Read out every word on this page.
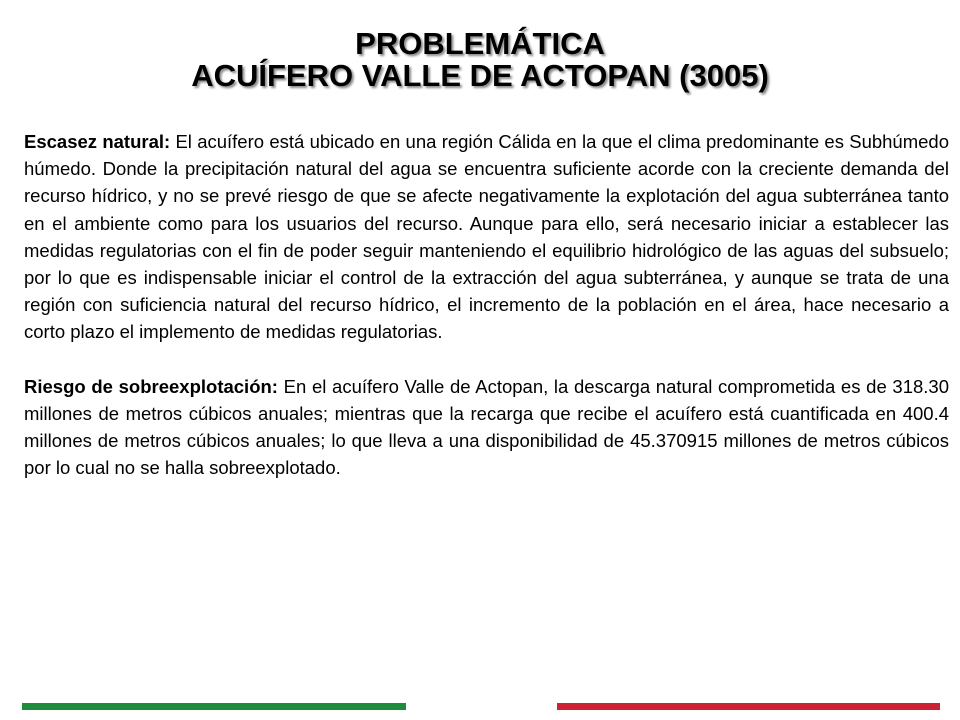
PROBLEMÁTICA
ACUÍFERO VALLE DE ACTOPAN (3005)

Escasez natural: El acuífero está ubicado en una región Cálida en la que el clima predominante es Subhúmedo húmedo. Donde la precipitación natural del agua se encuentra suficiente acorde con la creciente demanda del recurso hídrico, y no se prevé riesgo de que se afecte negativamente la explotación del agua subterránea tanto en el ambiente como para los usuarios del recurso. Aunque para ello, será necesario iniciar a establecer las medidas regulatorias con el fin de poder seguir manteniendo el equilibrio hidrológico de las aguas del subsuelo; por lo que es indispensable iniciar el control de la extracción del agua subterránea, y aunque se trata de una región con suficiencia natural del recurso hídrico, el incremento de la población en el área, hace necesario a corto plazo el implemento de medidas regulatorias.

Riesgo de sobreexplotación: En el acuífero Valle de Actopan, la descarga natural comprometida es de 318.30 millones de metros cúbicos anuales; mientras que la recarga que recibe el acuífero está cuantificada en 400.4 millones de metros cúbicos anuales; lo que lleva a una disponibilidad de 45.370915 millones de metros cúbicos por lo cual no se halla sobreexplotado.
